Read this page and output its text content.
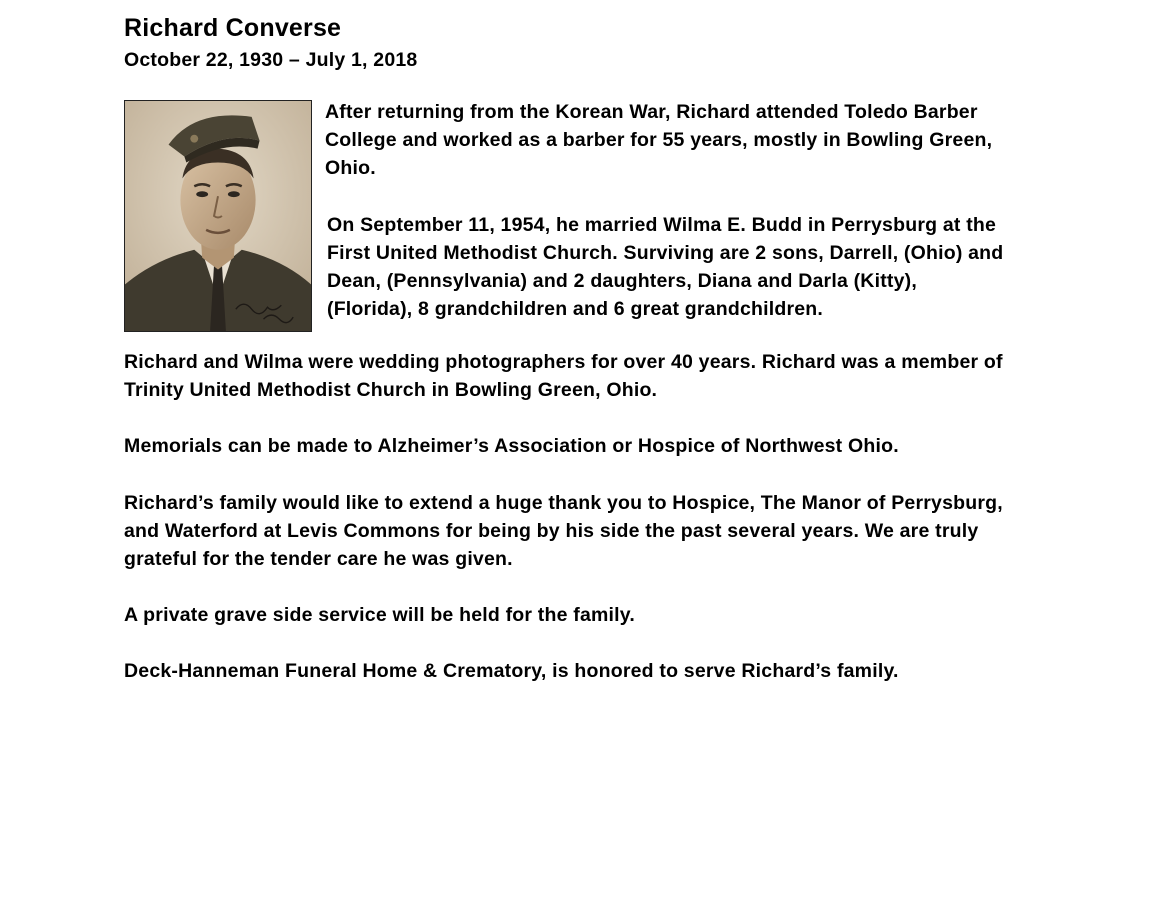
Richard Converse
October 22, 1930 – July 1, 2018

After returning from the Korean War, Richard attended Toledo Barber College and worked as a barber for 55 years, mostly in Bowling Green, Ohio.

On September 11, 1954, he married Wilma E. Budd in Perrysburg at the First United Methodist Church. Surviving are 2 sons, Darrell, (Ohio) and Dean, (Pennsylvania) and 2 daughters, Diana and Darla (Kitty), (Florida), 8 grandchildren and 6 great grandchildren.

Richard and Wilma were wedding photographers for over 40 years. Richard was a member of Trinity United Methodist Church in Bowling Green, Ohio.

Memorials can be made to Alzheimer’s Association or Hospice of Northwest Ohio.

Richard’s family would like to extend a huge thank you to Hospice, The Manor of Perrysburg, and Waterford at Levis Commons for being by his side the past several years. We are truly grateful for the tender care he was given.

A private grave side service will be held for the family.

Deck-Hanneman Funeral Home & Crematory, is honored to serve Richard’s family.
